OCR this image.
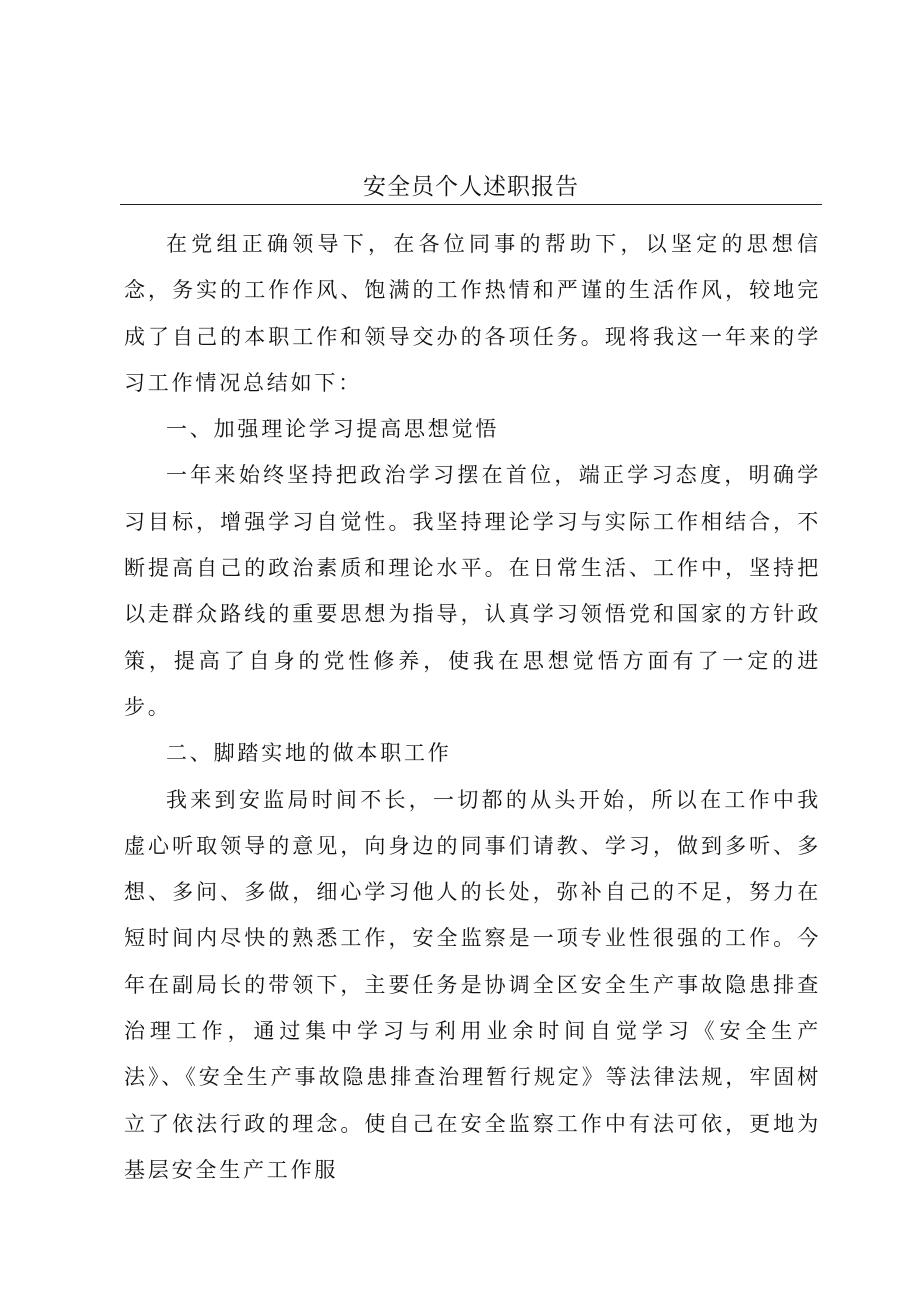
安全员个人述职报告

在党组正确领导下，在各位同事的帮助下，以坚定的思想信念，务实的工作作风、饱满的工作热情和严谨的生活作风，较地完成了自己的本职工作和领导交办的各项任务。现将我这一年来的学习工作情况总结如下：

一、加强理论学习提高思想觉悟

一年来始终坚持把政治学习摆在首位，端正学习态度，明确学习目标，增强学习自觉性。我坚持理论学习与实际工作相结合，不断提高自己的政治素质和理论水平。在日常生活、工作中，坚持把以走群众路线的重要思想为指导，认真学习领悟党和国家的方针政策，提高了自身的党性修养，使我在思想觉悟方面有了一定的进步。

二、脚踏实地的做本职工作

我来到安监局时间不长，一切都的从头开始，所以在工作中我虚心听取领导的意见，向身边的同事们请教、学习，做到多听、多想、多问、多做，细心学习他人的长处，弥补自己的不足，努力在短时间内尽快的熟悉工作，安全监察是一项专业性很强的工作。今年在副局长的带领下，主要任务是协调全区安全生产事故隐患排查治理工作，通过集中学习与利用业余时间自觉学习《安全生产法》、《安全生产事故隐患排查治理暂行规定》等法律法规，牢固树立了依法行政的理念。使自己在安全监察工作中有法可依，更地为基层安全生产工作服
